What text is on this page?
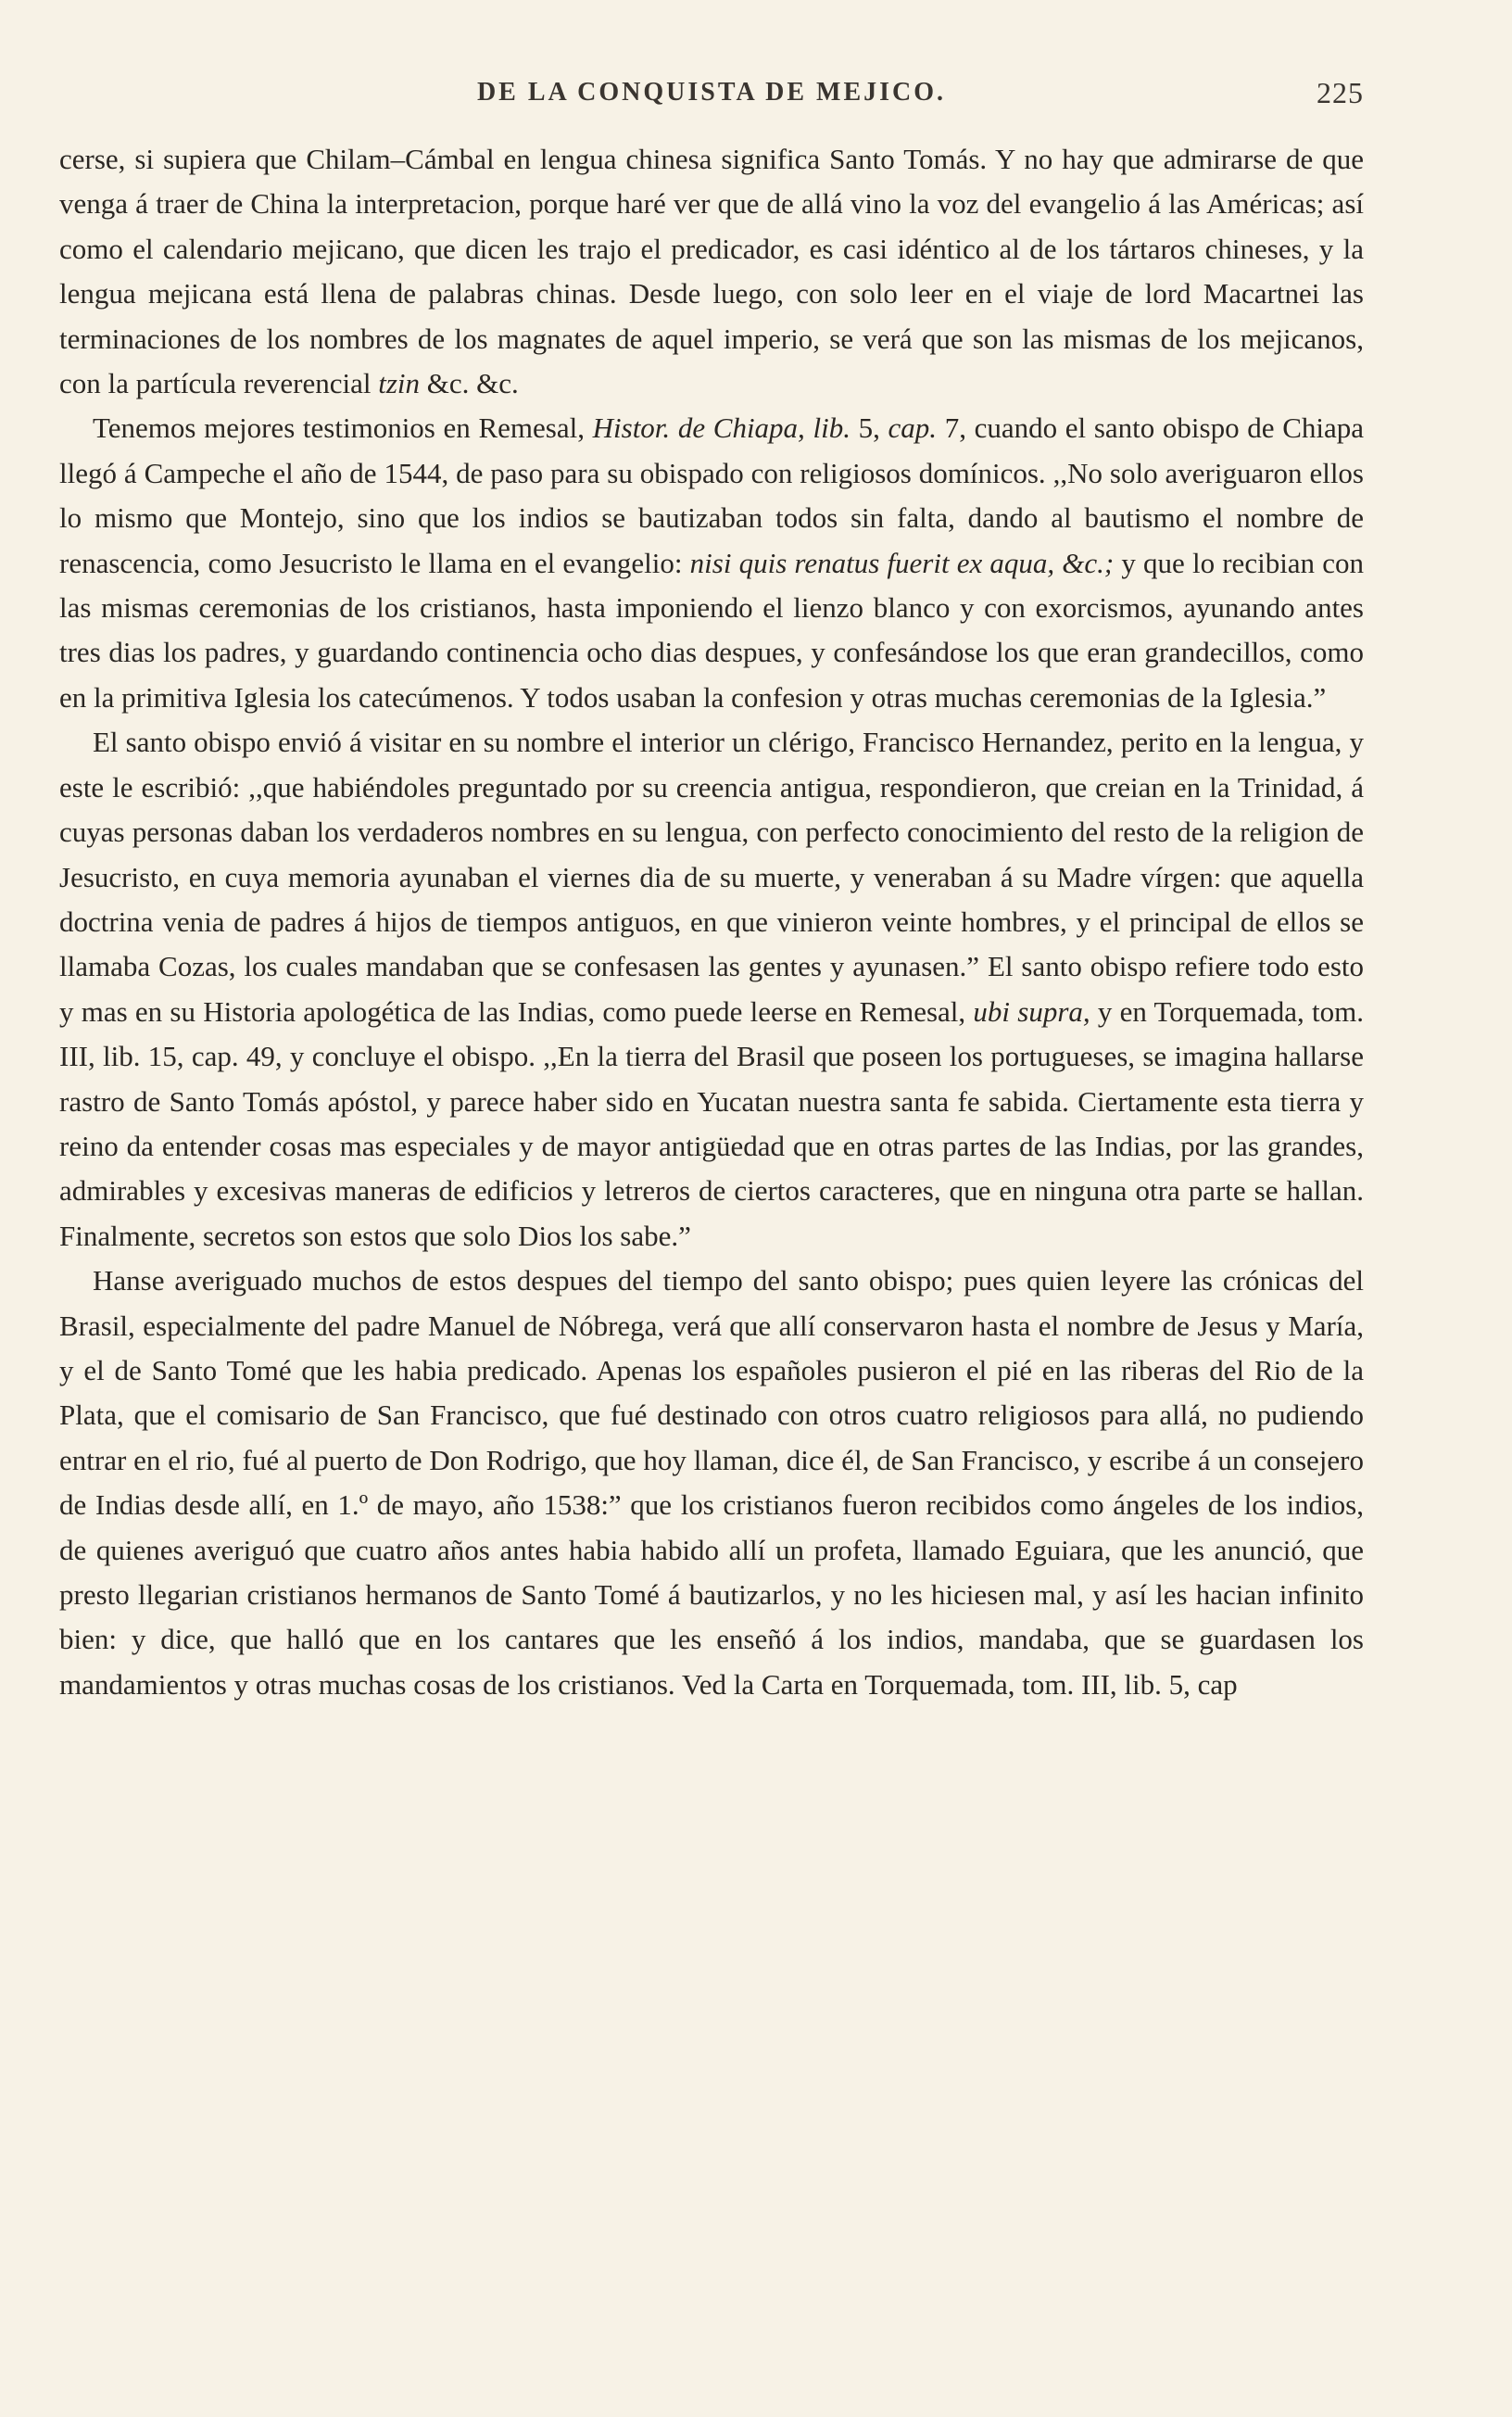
DE LA CONQUISTA DE MEJICO.	225

cerse, si supiera que Chilam–Cámbal en lengua chinesa significa Santo Tomás. Y no hay que admirarse de que venga á traer de China la interpretacion, porque haré ver que de allá vino la voz del evangelio á las Américas; así como el calendario mejicano, que dicen les trajo el predicador, es casi idéntico al de los tártaros chineses, y la lengua mejicana está llena de palabras chinas. Desde luego, con solo leer en el viaje de lord Macartnei las terminaciones de los nombres de los magnates de aquel imperio, se verá que son las mismas de los mejicanos, con la partícula reverencial tzin &c. &c.

Tenemos mejores testimonios en Remesal, Histor. de Chiapa, lib. 5, cap. 7, cuando el santo obispo de Chiapa llegó á Campeche el año de 1544, de paso para su obispado con religiosos domínicos. ,,No solo averiguaron ellos lo mismo que Montejo, sino que los indios se bautizaban todos sin falta, dando al bautismo el nombre de renascencia, como Jesucristo le llama en el evangelio: nisi quis renatus fuerit ex aqua, &c.; y que lo recibian con las mismas ceremonias de los cristianos, hasta imponiendo el lienzo blanco y con exorcismos, ayunando antes tres dias los padres, y guardando continencia ocho dias despues, y confesándose los que eran grandecillos, como en la primitiva Iglesia los catecúmenos. Y todos usaban la confesion y otras muchas ceremonias de la Iglesia.”

El santo obispo envió á visitar en su nombre el interior un clérigo, Francisco Hernandez, perito en la lengua, y este le escribió: ,,que habiéndoles preguntado por su creencia antigua, respondieron, que creian en la Trinidad, á cuyas personas daban los verdaderos nombres en su lengua, con perfecto conocimiento del resto de la religion de Jesucristo, en cuya memoria ayunaban el viernes dia de su muerte, y veneraban á su Madre vírgen: que aquella doctrina venia de padres á hijos de tiempos antiguos, en que vinieron veinte hombres, y el principal de ellos se llamaba Cozas, los cuales mandaban que se confesasen las gentes y ayunasen.” El santo obispo refiere todo esto y mas en su Historia apologética de las Indias, como puede leerse en Remesal, ubi supra, y en Torquemada, tom. III, lib. 15, cap. 49, y concluye el obispo. ,,En la tierra del Brasil que poseen los portugueses, se imagina hallarse rastro de Santo Tomás apóstol, y parece haber sido en Yucatan nuestra santa fe sabida. Ciertamente esta tierra y reino da entender cosas mas especiales y de mayor antigüedad que en otras partes de las Indias, por las grandes, admirables y excesivas maneras de edificios y letreros de ciertos caracteres, que en ninguna otra parte se hallan. Finalmente, secretos son estos que solo Dios los sabe.”

Hanse averiguado muchos de estos despues del tiempo del santo obispo; pues quien leyere las crónicas del Brasil, especialmente del padre Manuel de Nóbrega, verá que allí conservaron hasta el nombre de Jesus y María, y el de Santo Tomé que les habia predicado. Apenas los españoles pusieron el pié en las riberas del Rio de la Plata, que el comisario de San Francisco, que fué destinado con otros cuatro religiosos para allá, no pudiendo entrar en el rio, fué al puerto de Don Rodrigo, que hoy llaman, dice él, de San Francisco, y escribe á un consejero de Indias desde allí, en 1.º de mayo, año 1538:” que los cristianos fueron recibidos como ángeles de los indios, de quienes averiguó que cuatro años antes habia habido allí un profeta, llamado Eguiara, que les anunció, que presto llegarian cristianos hermanos de Santo Tomé á bautizarlos, y no les hiciesen mal, y así les hacian infinito bien: y dice, que halló que en los cantares que les enseñó á los indios, mandaba, que se guardasen los mandamientos y otras muchas cosas de los cristianos. Ved la Carta en Torquemada, tom. III, lib. 5, cap
